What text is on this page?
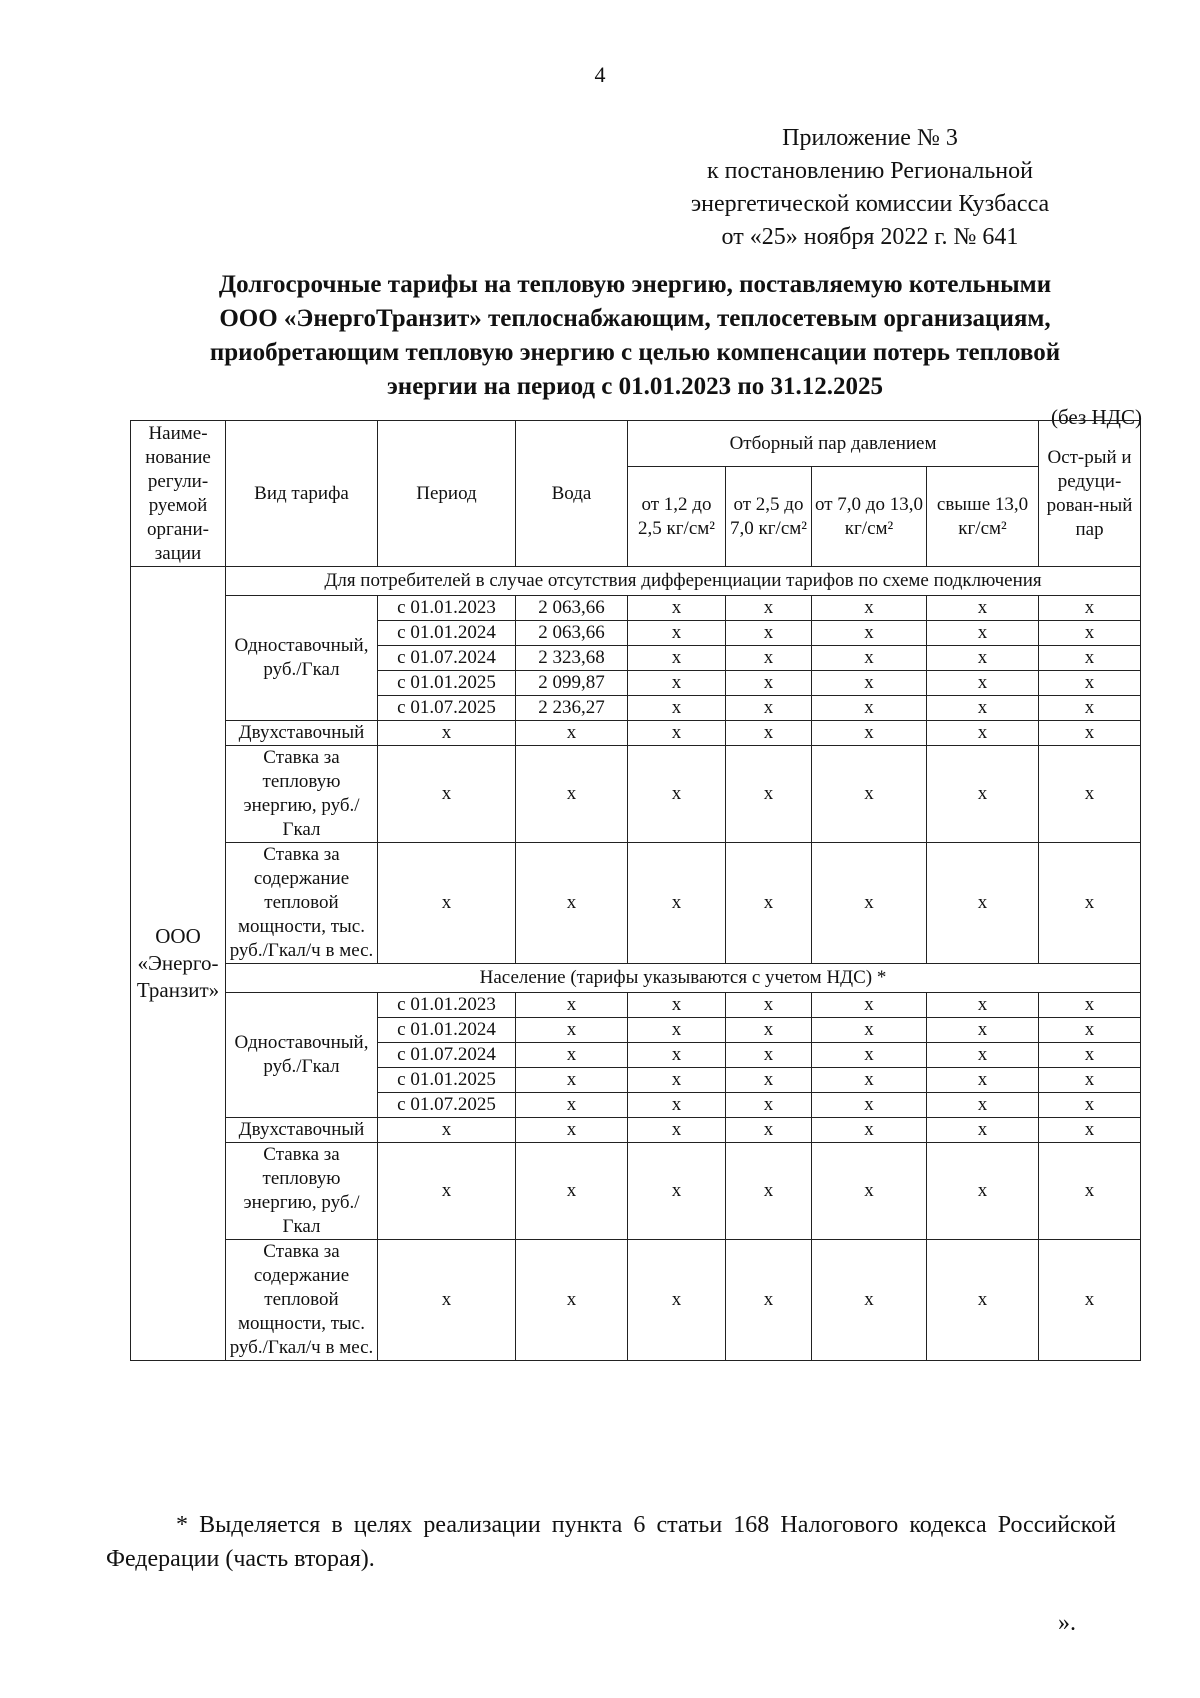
4
Приложение № 3
к постановлению Региональной
энергетической комиссии Кузбасса
от «25» ноября 2022 г. № 641
Долгосрочные тарифы на тепловую энергию, поставляемую котельными
ООО «ЭнергоТранзит» теплоснабжающим, теплосетевым организациям,
приобретающим тепловую энергию с целью компенсации потерь тепловой
энергии на период с 01.01.2023 по 31.12.2025
(без НДС)
Наиме-нование регули-руемой органи-зации	Вид тарифа	Период	Вода	Отборный пар давлением				Ост-рый и редуци-рован-ный пар
				от 1,2 до 2,5 кг/см²	от 2,5 до 7,0 кг/см²	от 7,0 до 13,0 кг/см²	свыше 13,0 кг/см²	
ООО «Энерго-Транзит»	Для потребителей в случае отсутствия дифференциации тарифов по схеме подключения							
	Одноставочный, руб./Гкал	с 01.01.2023	2 063,66	х	х	х	х	х
		с 01.01.2024	2 063,66	х	х	х	х	х
		с 01.07.2024	2 323,68	х	х	х	х	х
		с 01.01.2025	2 099,87	х	х	х	х	х
		с 01.07.2025	2 236,27	х	х	х	х	х
	Двухставочный	х	х	х	х	х	х	х
	Ставка за тепловую энергию, руб./Гкал	х	х	х	х	х	х	х
	Ставка за содержание тепловой мощности, тыс. руб./Гкал/ч в мес.	х	х	х	х	х	х	х
	Население (тарифы указываются с учетом НДС) *							
	Одноставочный, руб./Гкал	с 01.01.2023	х	х	х	х	х	х
		с 01.01.2024	х	х	х	х	х	х
		с 01.07.2024	х	х	х	х	х	х
		с 01.01.2025	х	х	х	х	х	х
		с 01.07.2025	х	х	х	х	х	х
	Двухставочный	х	х	х	х	х	х	х
	Ставка за тепловую энергию, руб./Гкал	х	х	х	х	х	х	х
	Ставка за содержание тепловой мощности, тыс. руб./Гкал/ч в мес.	х	х	х	х	х	х	х
* Выделяется в целях реализации пункта 6 статьи 168 Налогового кодекса Российской Федерации (часть вторая).
».
